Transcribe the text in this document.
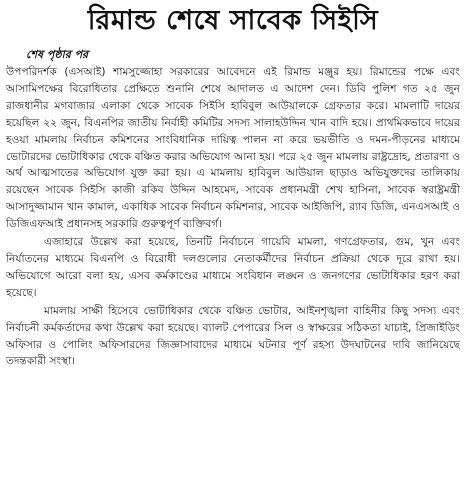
রিমান্ড শেষে সাবেক সিইসি
শেষ পৃষ্ঠার পর

উপপরিদর্শক (এসআই) শামসুজ্জোহা সরকারের আবেদনে এই রিমান্ড মঞ্জুর হয়। রিমান্ডের পক্ষে এবং আসামিপক্ষের বিরোধিতার প্রেক্ষিতে শুনানি শেষে আদালত এ আদেশ দেন। ডিবি পুলিশ গত ২৫ জুন রাজধানীর মগবাজার এলাকা থেকে সাবেক সিইসি হাবিবুল আউয়ালকে গ্রেফতার করে। মামলাটি দায়ের হয়েছিল ২২ জুন, বিএনপির জাতীয় নির্বাহী কমিটির সদস্য সালাহউদ্দিন খান বাদি হয়ে। প্রাথমিকভাবে দায়ের হওয়া মামলায় নির্বাচন কমিশনের সাংবিধানিক দায়িত্ব পালন না করে ভয়ভীতি ও দমন-পীড়নের মাধ্যমে ভোটারদের ভোটাধিকার থেকে বঞ্চিত করার অভিযোগ আনা হয়। পরে ২৫ জুন মামলায় রাষ্ট্রদ্রোহ, প্রতারণা ও অর্থ আত্মসাতের অভিযোগ যুক্ত করা হয়। এ মামলায় হাবিবুল আউয়াল ছাড়াও অভিযুক্তদের তালিকায় রয়েছেন সাবেক সিইসি কাজী রকিব উদ্দিন আহমেদ, সাবেক প্রধানমন্ত্রী শেখ হাসিনা, সাবেক স্বরাষ্ট্রমন্ত্রী আসাদুজ্জামান খান কামাল, একাধিক সাবেক নির্বাচন কমিশনার, সাবেক আইজিপি, র‌্যাব ডিজি, এনএসআই ও ডিজিএফআই প্রধানসহ সরকারি গুরুত্বপূর্ণ ব্যক্তিবর্গ।

এজাহারে উল্লেখ করা হয়েছে, তিনটি নির্বাচনে গায়েবি মামলা, গণগ্রেফতার, গুম, খুন এবং নির্যাতনের মাধ্যমে বিএনপি ও বিরোধী দলগুলোর নেতাকর্মীদের নির্বাচন প্রক্রিয়া থেকে দূরে রাখা হয়। অভিযোগে আরো বলা হয়, এসব কর্মকাণ্ডের মাধ্যমে সংবিধান লঙ্ঘন ও জনগণের ভোটাধিকার হরণ করা হয়েছে।

মামলায় সাক্ষী হিসেবে ভোটাধিকার থেকে বঞ্চিত ভোটার, আইনশৃঙ্খলা বাহিনীর কিছু সদস্য এবং নির্বাচনী কর্মকর্তাদের কথা উল্লেখ করা হয়েছে। ব্যালট পেপারের সিল ও স্বাক্ষরের সঠিকতা যাচাই, প্রিজাইডিং অফিসার ও পোলিং অফিসারদের জিজ্ঞাসাবাদের মাধ্যমে ঘটনার পূর্ণ রহস্য উদঘাটনের দাবি জানিয়েছে তদন্তকারী সংস্থা।
